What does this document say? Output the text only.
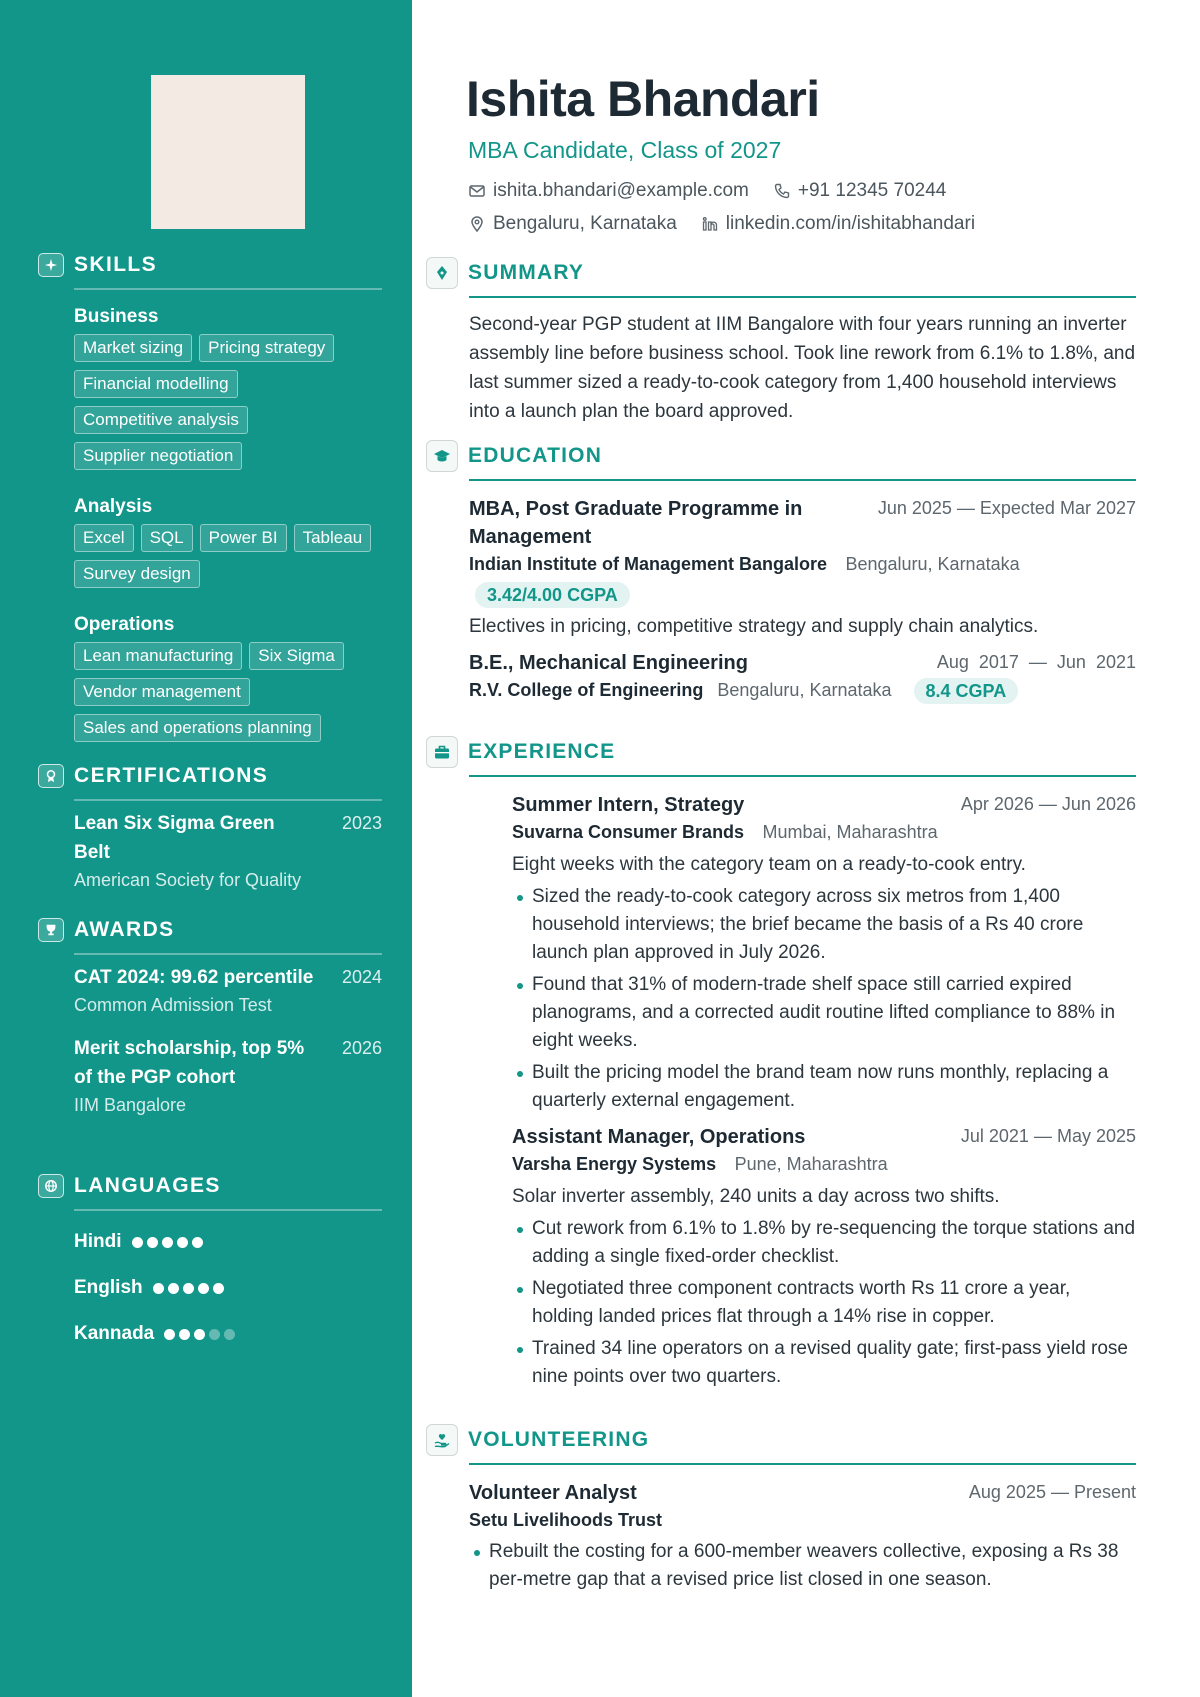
SKILLS
Business
Market sizing	Pricing strategy
Financial modelling
Competitive analysis
Supplier negotiation
Analysis
Excel	SQL	Power BI	Tableau
Survey design
Operations
Lean manufacturing	Six Sigma
Vendor management
Sales and operations planning
CERTIFICATIONS
Lean Six Sigma Green Belt
2023
American Society for Quality
AWARDS
CAT 2024: 99.62 percentile 2024
Common Admission Test
Merit scholarship, top 5% of the PGP cohort
2026
IIM Bangalore
LANGUAGES
Hindi
English
Kannada
Ishita Bhandari
MBA Candidate, Class of 2027
ishita.bhandari@example.com	+91 12345 70244
Bengaluru, Karnataka	linkedin.com/in/ishitabhandari
SUMMARY
Second-year PGP student at IIM Bangalore with four years running an inverter assembly line before business school. Took line rework from 6.1% to 1.8%, and last summer sized a ready-to-cook category from 1,400 household interviews into a launch plan the board approved.
EDUCATION
MBA, Post Graduate Programme in Management
Jun 2025 — Expected Mar 2027
Indian Institute of Management Bangalore Bengaluru, Karnataka
3.42/4.00 CGPA
Electives in pricing, competitive strategy and supply chain analytics.
B.E., Mechanical Engineering	Aug  2017  —  Jun  2021
R.V. College of Engineering Bengaluru, Karnataka	8.4 CGPA
EXPERIENCE
Summer Intern, Strategy	Apr 2026 — Jun 2026
Suvarna Consumer Brands Mumbai, Maharashtra
Eight weeks with the category team on a ready-to-cook entry.
Sized the ready-to-cook category across six metros from 1,400 household interviews; the brief became the basis of a Rs 40 crore launch plan approved in July 2026.
Found that 31% of modern-trade shelf space still carried expired planograms, and a corrected audit routine lifted compliance to 88% in eight weeks.
Built the pricing model the brand team now runs monthly, replacing a quarterly external engagement.
Assistant Manager, Operations	Jul 2021 — May 2025
Varsha Energy Systems Pune, Maharashtra
Solar inverter assembly, 240 units a day across two shifts.
Cut rework from 6.1% to 1.8% by re-sequencing the torque stations and adding a single fixed-order checklist.
Negotiated three component contracts worth Rs 11 crore a year, holding landed prices flat through a 14% rise in copper.
Trained 34 line operators on a revised quality gate; first-pass yield rose nine points over two quarters.
VOLUNTEERING
Volunteer Analyst	Aug 2025 — Present
Setu Livelihoods Trust
Rebuilt the costing for a 600-member weavers collective, exposing a Rs 38 per-metre gap that a revised price list closed in one season.
